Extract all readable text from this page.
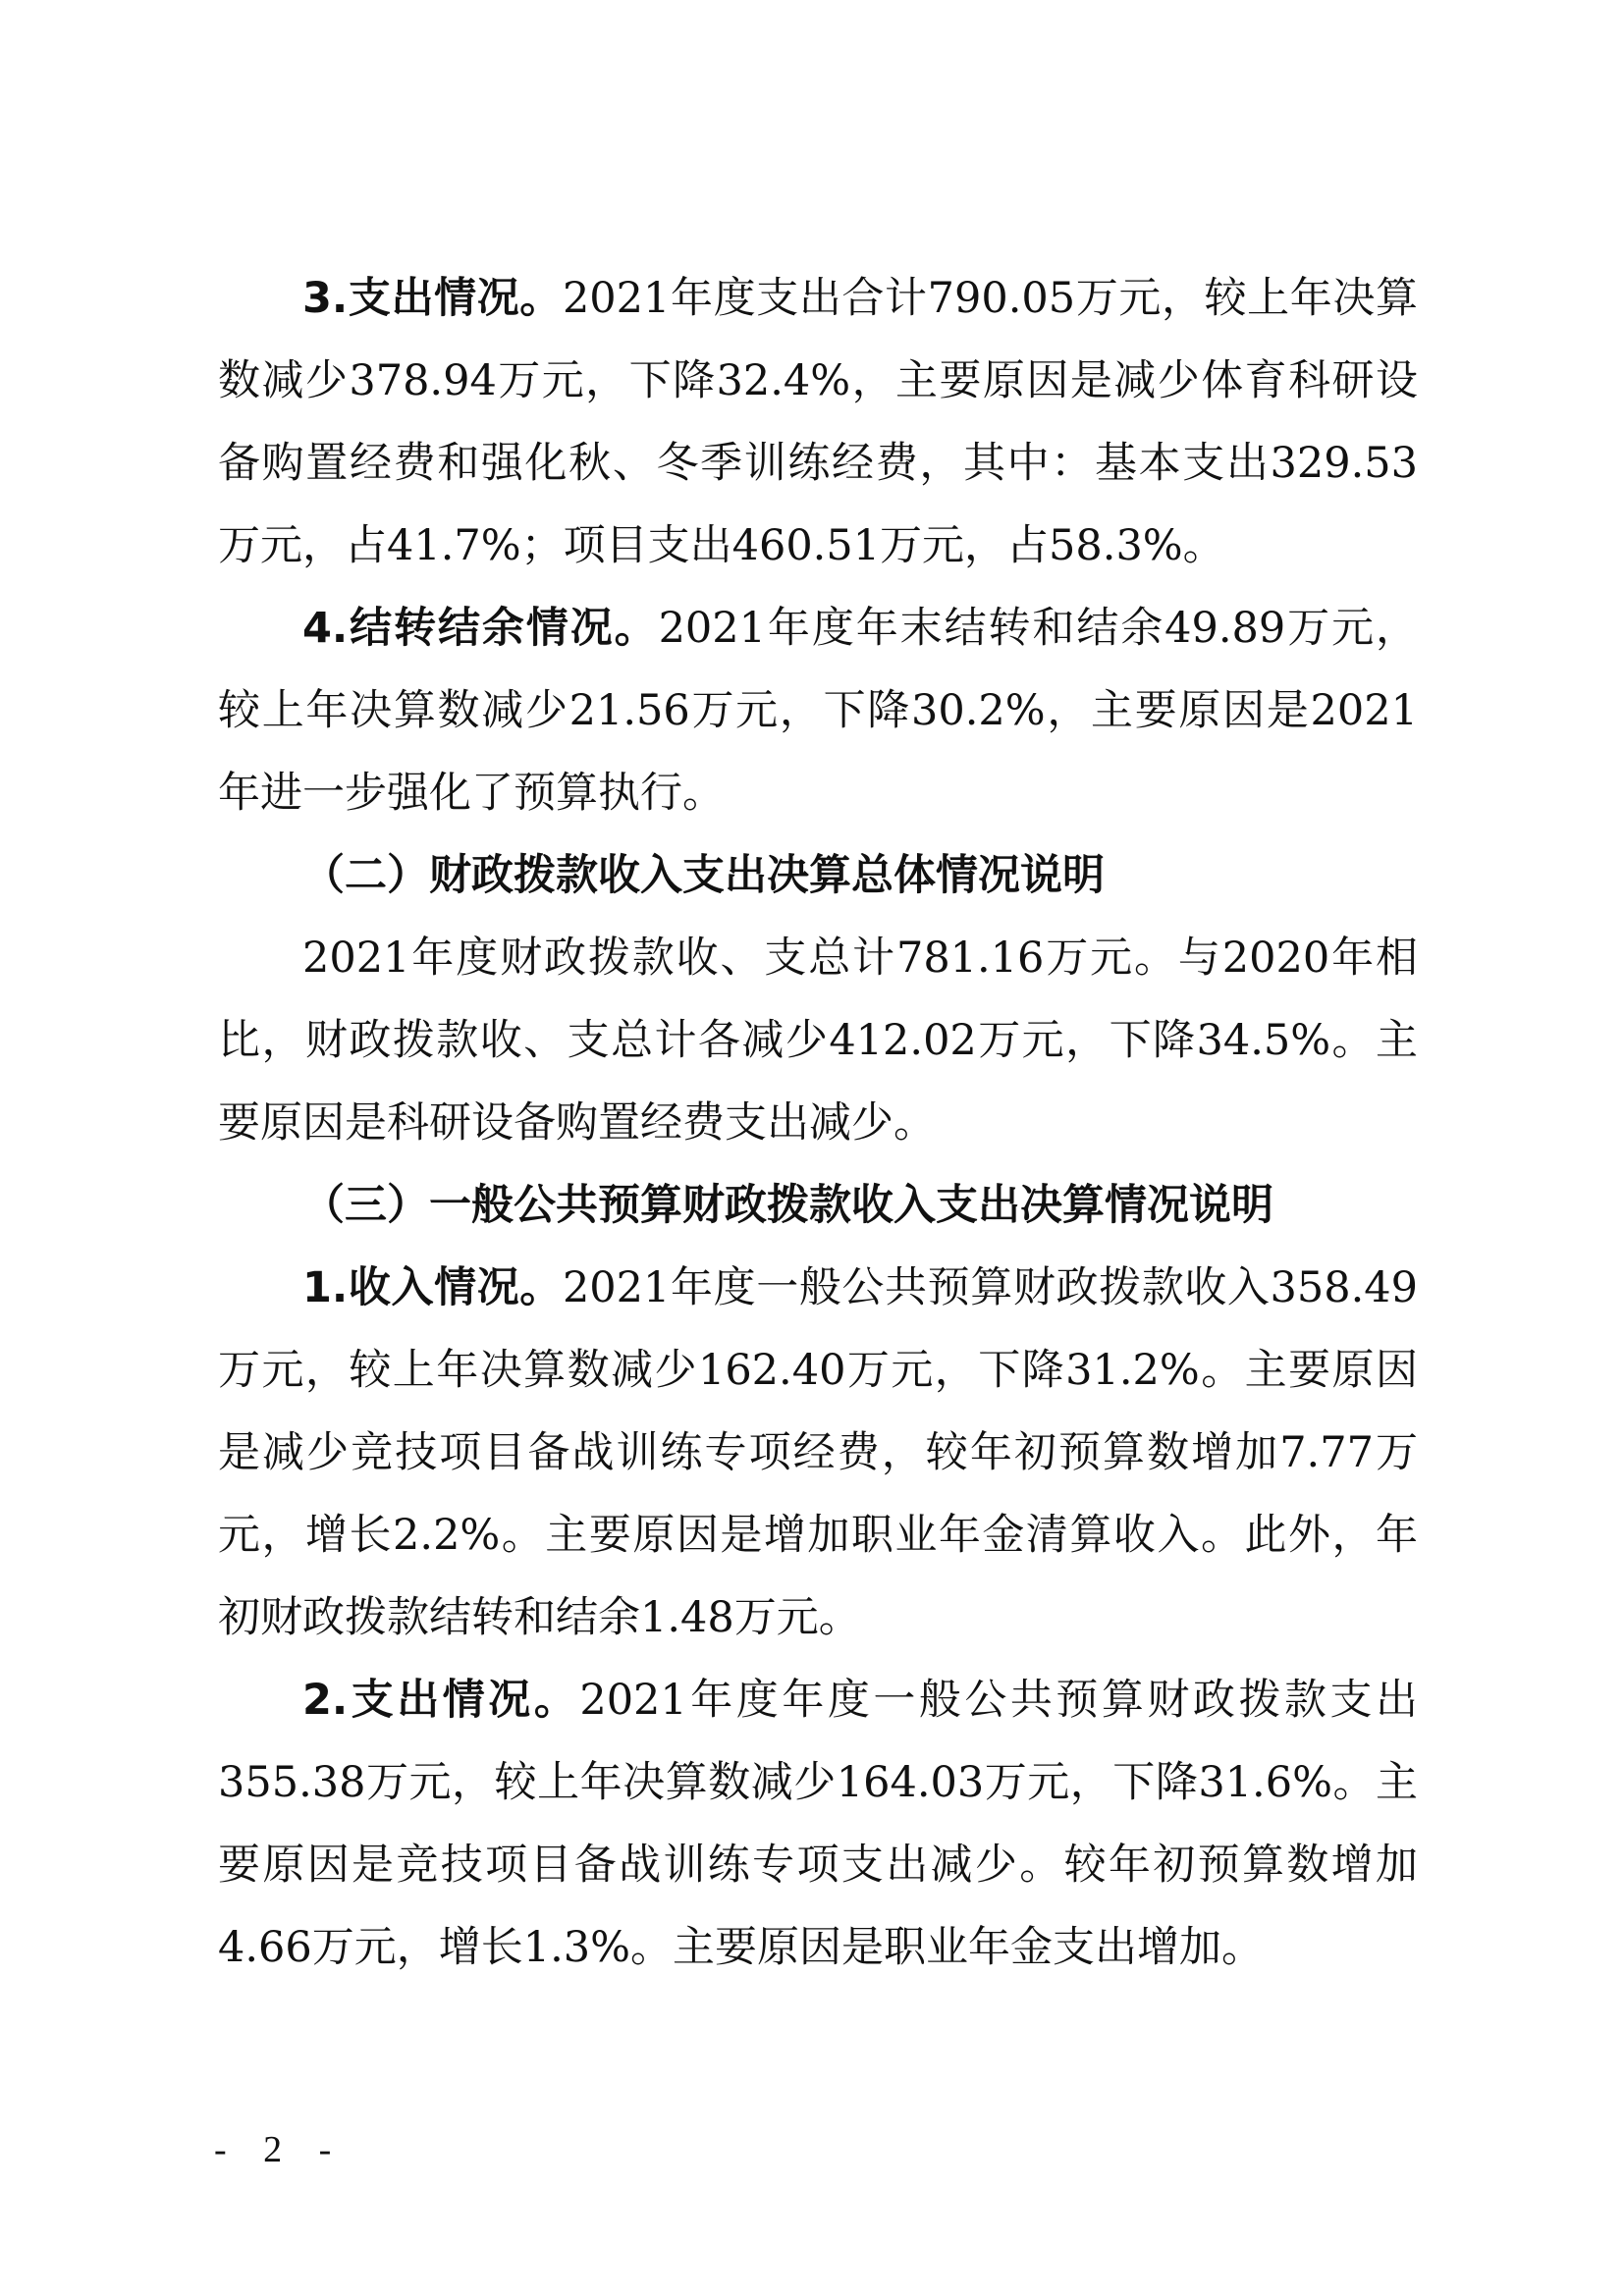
3.支出情况。2021年度支出合计790.05万元，较上年决算数减少378.94万元，下降32.4%，主要原因是减少体育科研设备购置经费和强化秋、冬季训练经费，其中：基本支出329.53万元，占41.7%；项目支出460.51万元，占58.3%。

4.结转结余情况。2021年度年末结转和结余49.89万元，较上年决算数减少21.56万元，下降30.2%，主要原因是2021年进一步强化了预算执行。

（二）财政拨款收入支出决算总体情况说明

2021年度财政拨款收、支总计781.16万元。与2020年相比，财政拨款收、支总计各减少412.02万元，下降34.5%。主要原因是科研设备购置经费支出减少。

（三）一般公共预算财政拨款收入支出决算情况说明

1.收入情况。2021年度一般公共预算财政拨款收入358.49万元，较上年决算数减少162.40万元，下降31.2%。主要原因是减少竞技项目备战训练专项经费，较年初预算数增加7.77万元，增长2.2%。主要原因是增加职业年金清算收入。此外，年初财政拨款结转和结余1.48万元。

2.支出情况。2021年度年度一般公共预算财政拨款支出355.38万元，较上年决算数减少164.03万元，下降31.6%。主要原因是竞技项目备战训练专项支出减少。较年初预算数增加4.66万元，增长1.3%。主要原因是职业年金支出增加。

- 2 -
